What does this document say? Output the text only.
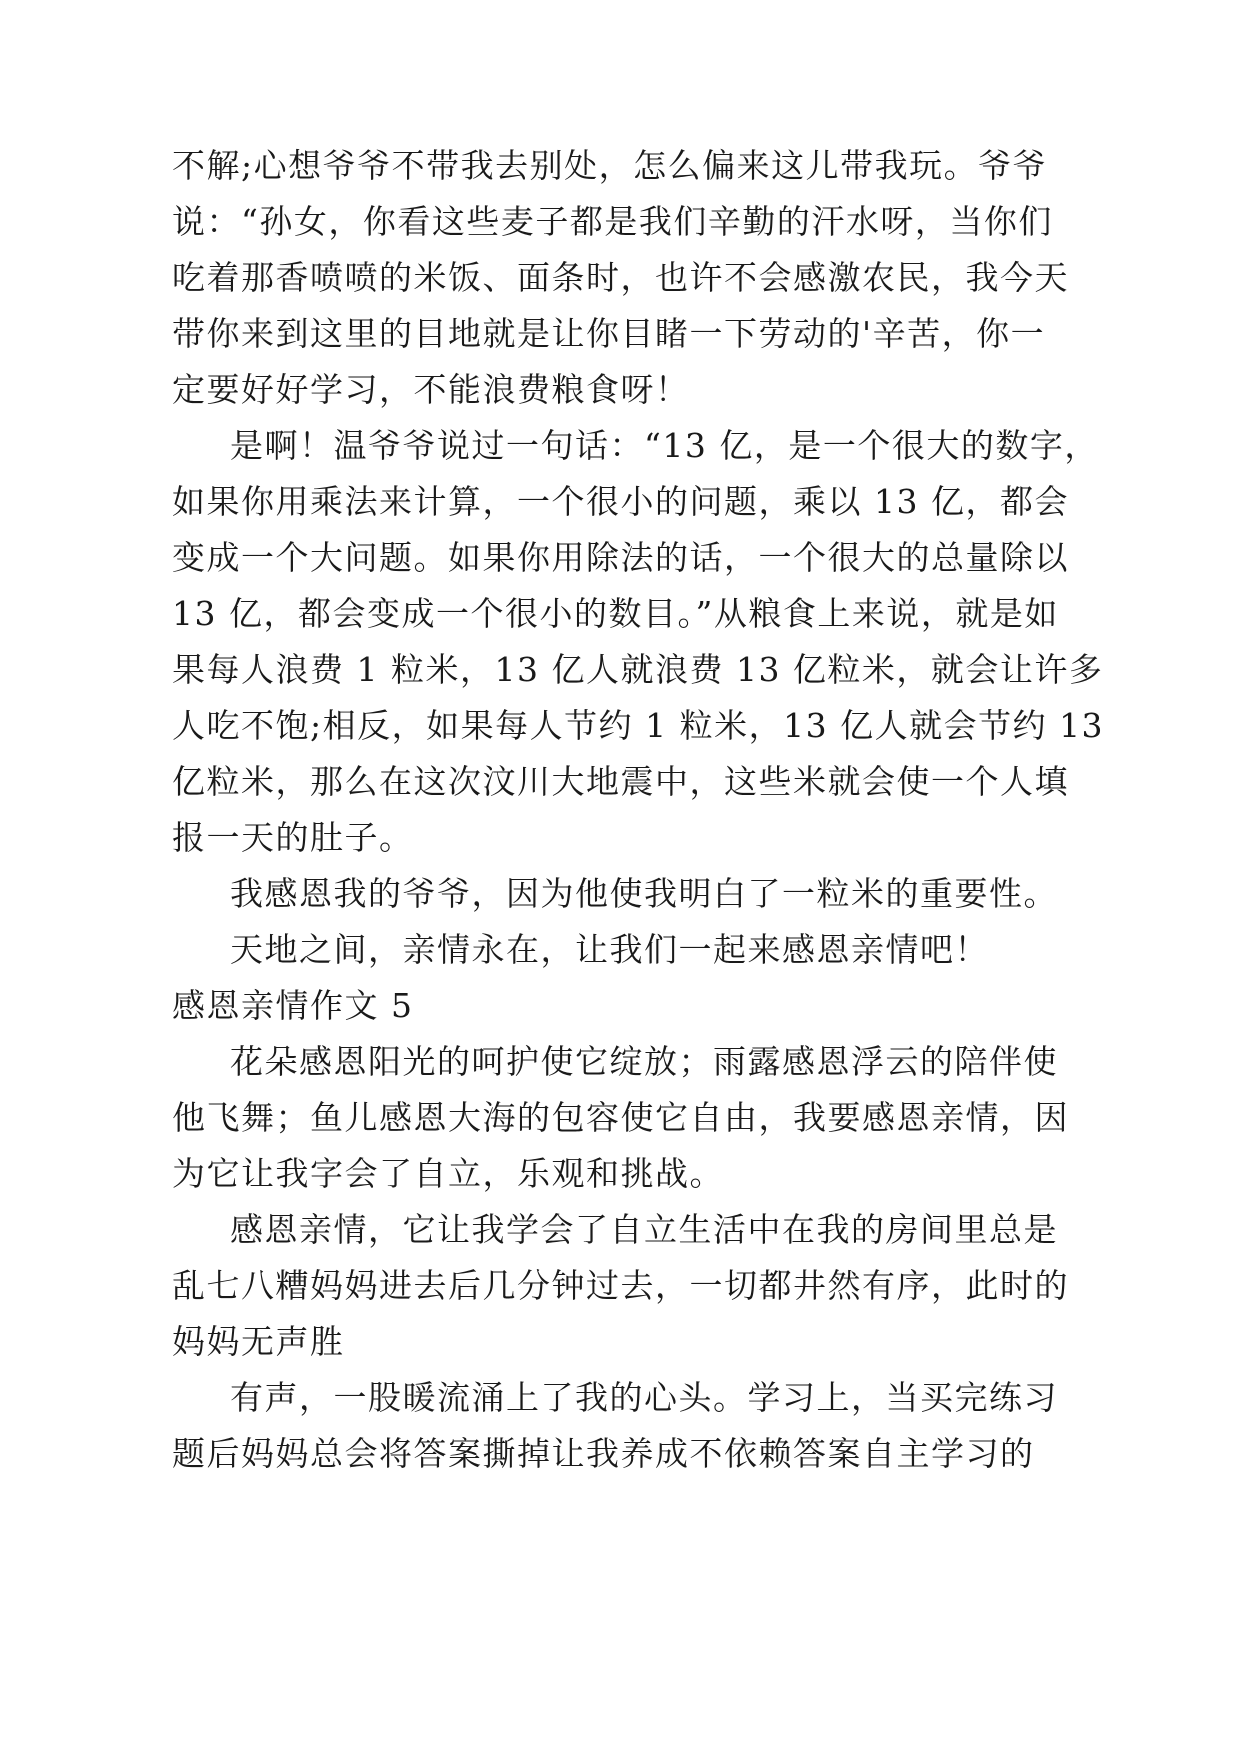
不解;心想爷爷不带我去别处，怎么偏来这儿带我玩。爷爷
说：“孙女，你看这些麦子都是我们辛勤的汗水呀，当你们
吃着那香喷喷的米饭、面条时，也许不会感激农民，我今天
带你来到这里的目地就是让你目睹一下劳动的'辛苦，你一
定要好好学习，不能浪费粮食呀！
是啊！温爷爷说过一句话：“13 亿，是一个很大的数字，
如果你用乘法来计算，一个很小的问题，乘以 13 亿，都会
变成一个大问题。如果你用除法的话，一个很大的总量除以
13 亿，都会变成一个很小的数目。”从粮食上来说，就是如
果每人浪费 1 粒米，13 亿人就浪费 13 亿粒米，就会让许多
人吃不饱;相反，如果每人节约 1 粒米，13 亿人就会节约 13
亿粒米，那么在这次汶川大地震中，这些米就会使一个人填
报一天的肚子。
我感恩我的爷爷，因为他使我明白了一粒米的重要性。
天地之间，亲情永在，让我们一起来感恩亲情吧！
感恩亲情作文 5
花朵感恩阳光的呵护使它绽放；雨露感恩浮云的陪伴使
他飞舞；鱼儿感恩大海的包容使它自由，我要感恩亲情，因
为它让我字会了自立，乐观和挑战。
感恩亲情，它让我学会了自立生活中在我的房间里总是
乱七八糟妈妈进去后几分钟过去，一切都井然有序，此时的
妈妈无声胜
有声，一股暖流涌上了我的心头。学习上，当买完练习
题后妈妈总会将答案撕掉让我养成不依赖答案自主学习的
